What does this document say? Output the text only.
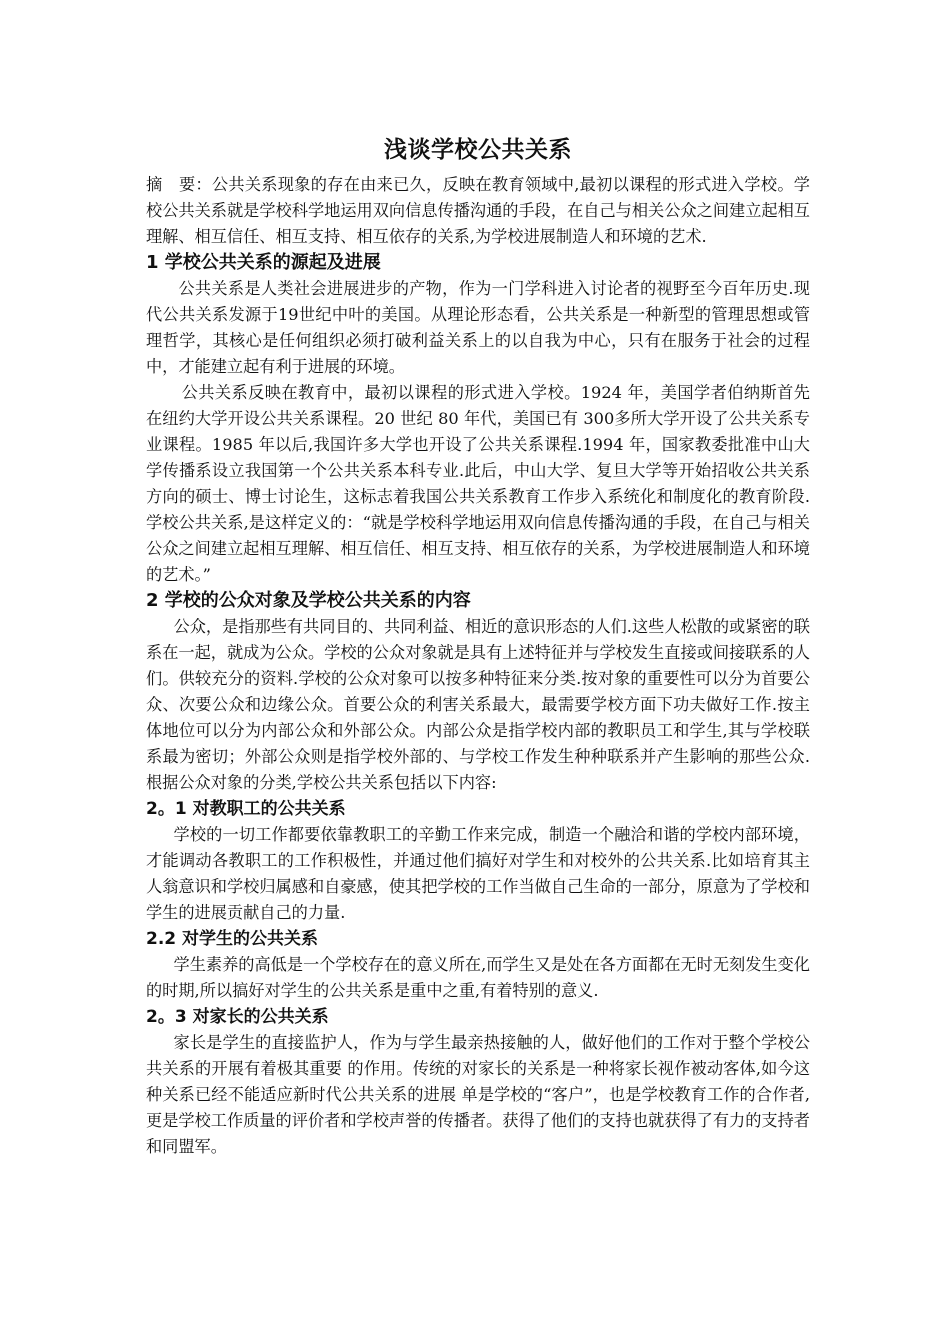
浅谈学校公共关系

摘　要：公共关系现象的存在由来已久，反映在教育领域中,最初以课程的形式进入学校。学校公共关系就是学校科学地运用双向信息传播沟通的手段，在自己与相关公众之间建立起相互理解、相互信任、相互支持、相互依存的关系,为学校进展制造人和环境的艺术.

1 学校公共关系的源起及进展

公共关系是人类社会进展进步的产物，作为一门学科进入讨论者的视野至今百年历史.现代公共关系发源于19世纪中叶的美国。从理论形态看，公共关系是一种新型的管理思想或管理哲学，其核心是任何组织必须打破利益关系上的以自我为中心，只有在服务于社会的过程中，才能建立起有利于进展的环境。

公共关系反映在教育中，最初以课程的形式进入学校。1924 年，美国学者伯纳斯首先在纽约大学开设公共关系课程。20 世纪 80 年代，美国已有 300多所大学开设了公共关系专业课程。1985 年以后,我国许多大学也开设了公共关系课程.1994 年，国家教委批准中山大学传播系设立我国第一个公共关系本科专业.此后，中山大学、复旦大学等开始招收公共关系方向的硕士、博士讨论生，这标志着我国公共关系教育工作步入系统化和制度化的教育阶段.学校公共关系,是这样定义的：“就是学校科学地运用双向信息传播沟通的手段，在自己与相关公众之间建立起相互理解、相互信任、相互支持、相互依存的关系，为学校进展制造人和环境的艺术。”

2 学校的公众对象及学校公共关系的内容

公众，是指那些有共同目的、共同利益、相近的意识形态的人们.这些人松散的或紧密的联系在一起，就成为公众。学校的公众对象就是具有上述特征并与学校发生直接或间接联系的人们。供较充分的资料.学校的公众对象可以按多种特征来分类.按对象的重要性可以分为首要公众、次要公众和边缘公众。首要公众的利害关系最大，最需要学校方面下功夫做好工作.按主体地位可以分为内部公众和外部公众。内部公众是指学校内部的教职员工和学生,其与学校联系最为密切；外部公众则是指学校外部的、与学校工作发生种种联系并产生影响的那些公众.根据公众对象的分类,学校公共关系包括以下内容:

2。1 对教职工的公共关系

学校的一切工作都要依靠教职工的辛勤工作来完成，制造一个融洽和谐的学校内部环境，才能调动各教职工的工作积极性，并通过他们搞好对学生和对校外的公共关系.比如培育其主人翁意识和学校归属感和自豪感，使其把学校的工作当做自己生命的一部分，原意为了学校和学生的进展贡献自己的力量.

2.2 对学生的公共关系

学生素养的高低是一个学校存在的意义所在,而学生又是处在各方面都在无时无刻发生变化的时期,所以搞好对学生的公共关系是重中之重,有着特别的意义.

2。3 对家长的公共关系

家长是学生的直接监护人，作为与学生最亲热接触的人，做好他们的工作对于整个学校公共关系的开展有着极其重要 的作用。传统的对家长的关系是一种将家长视作被动客体,如今这种关系已经不能适应新时代公共关系的进展 单是学校的“客户”，也是学校教育工作的合作者,更是学校工作质量的评价者和学校声誉的传播者。获得了他们的支持也就获得了有力的支持者和同盟军。
